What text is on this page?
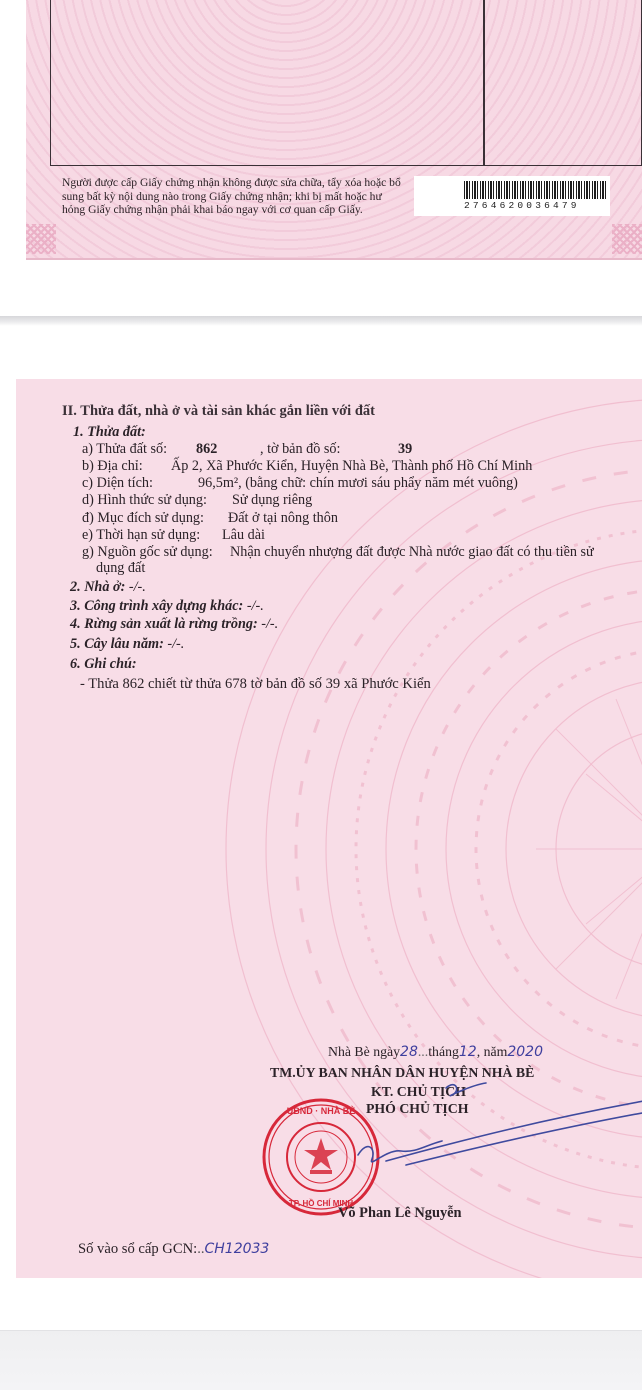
Người được cấp Giấy chứng nhận không được sửa chữa, tẩy xóa hoặc bổ
sung bất kỳ nội dung nào trong Giấy chứng nhận; khi bị mất hoặc hư
hỏng Giấy chứng nhận phải khai báo ngay với cơ quan cấp Giấy.	2764620036479
II. Thửa đất, nhà ở và tài sản khác gắn liền với đất
1. Thửa đất:
a) Thửa đất số: 862	, tờ bản đồ số:	39
b) Địa chỉ: Ấp 2, Xã Phước Kiển, Huyện Nhà Bè, Thành phố Hồ Chí Minh
c) Diện tích:	96,5m², (bằng chữ: chín mươi sáu phẩy năm mét vuông)
d) Hình thức sử dụng: Sử dụng riêng
đ) Mục đích sử dụng: Đất ở tại nông thôn
e) Thời hạn sử dụng: Lâu dài
g) Nguồn gốc sử dụng: Nhận chuyển nhượng đất được Nhà nước giao đất có thu tiền sử
dụng đất
2. Nhà ở: -/-.
3. Công trình xây dựng khác: -/-.
4. Rừng sản xuất là rừng trồng: -/-.
5. Cây lâu năm: -/-.
6. Ghi chú:
- Thửa 862 chiết từ thửa 678 tờ bản đồ số 39 xã Phước Kiển
Nhà Bè ngày28...tháng12, năm2020
TM.ỦY BAN NHÂN DÂN HUYỆN NHÀ BÈ
KT. CHỦ TỊCH
PHÓ CHỦ TỊCH
UBND · NHÀ BÈ
TP. HỒ CHÍ MINH
Võ Phan Lê Nguyễn
Số vào sổ cấp GCN:..CH12033
